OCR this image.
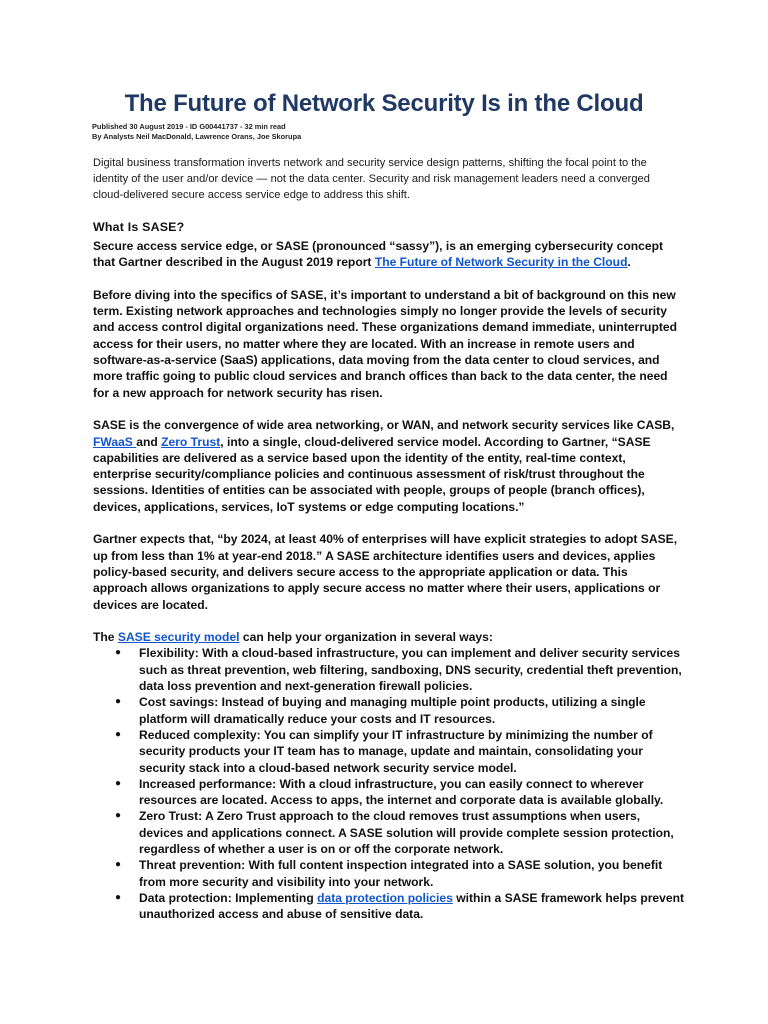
The Future of Network Security Is in the Cloud
Published 30 August 2019 - ID G00441737 - 32 min read
By Analysts Neil MacDonald, Lawrence Orans, Joe Skorupa

Digital business transformation inverts network and security service design patterns, shifting the focal point to the identity of the user and/or device — not the data center. Security and risk management leaders need a converged cloud-delivered secure access service edge to address this shift.

What Is SASE?

Secure access service edge, or SASE (pronounced “sassy”), is an emerging cybersecurity concept that Gartner described in the August 2019 report The Future of Network Security in the Cloud.

Before diving into the specifics of SASE, it’s important to understand a bit of background on this new term. Existing network approaches and technologies simply no longer provide the levels of security and access control digital organizations need. These organizations demand immediate, uninterrupted access for their users, no matter where they are located. With an increase in remote users and software-as-a-service (SaaS) applications, data moving from the data center to cloud services, and more traffic going to public cloud services and branch offices than back to the data center, the need for a new approach for network security has risen.

SASE is the convergence of wide area networking, or WAN, and network security services like CASB, FWaaS and Zero Trust, into a single, cloud-delivered service model. According to Gartner, “SASE capabilities are delivered as a service based upon the identity of the entity, real-time context, enterprise security/compliance policies and continuous assessment of risk/trust throughout the sessions. Identities of entities can be associated with people, groups of people (branch offices), devices, applications, services, IoT systems or edge computing locations.”

Gartner expects that, “by 2024, at least 40% of enterprises will have explicit strategies to adopt SASE, up from less than 1% at year-end 2018.” A SASE architecture identifies users and devices, applies policy-based security, and delivers secure access to the appropriate application or data. This approach allows organizations to apply secure access no matter where their users, applications or devices are located.

The SASE security model can help your organization in several ways:
● Flexibility: With a cloud-based infrastructure, you can implement and deliver security services such as threat prevention, web filtering, sandboxing, DNS security, credential theft prevention, data loss prevention and next-generation firewall policies.
● Cost savings: Instead of buying and managing multiple point products, utilizing a single platform will dramatically reduce your costs and IT resources.
● Reduced complexity: You can simplify your IT infrastructure by minimizing the number of security products your IT team has to manage, update and maintain, consolidating your security stack into a cloud-based network security service model.
● Increased performance: With a cloud infrastructure, you can easily connect to wherever resources are located. Access to apps, the internet and corporate data is available globally.
● Zero Trust: A Zero Trust approach to the cloud removes trust assumptions when users, devices and applications connect. A SASE solution will provide complete session protection, regardless of whether a user is on or off the corporate network.
● Threat prevention: With full content inspection integrated into a SASE solution, you benefit from more security and visibility into your network.
● Data protection: Implementing data protection policies within a SASE framework helps prevent unauthorized access and abuse of sensitive data.
